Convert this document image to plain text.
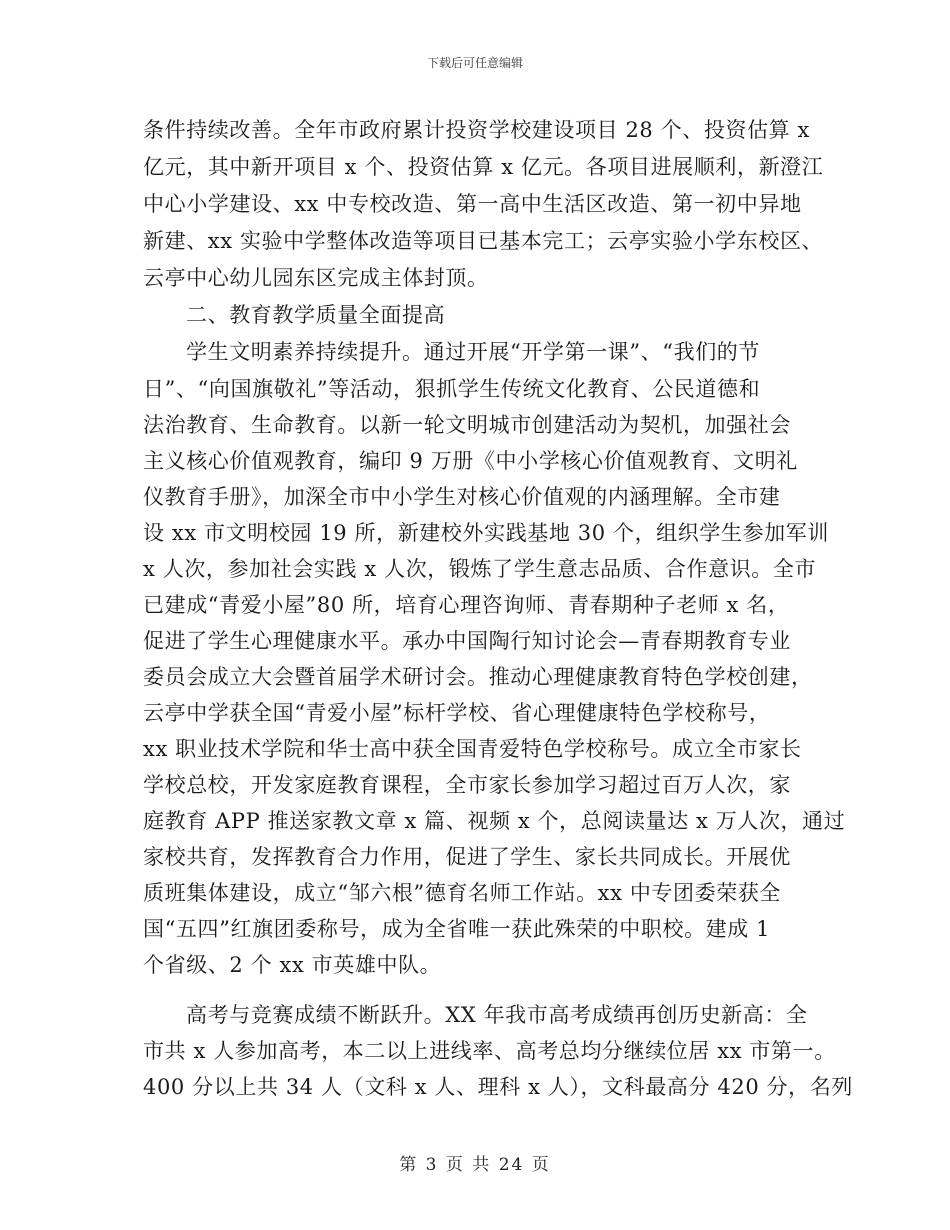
下载后可任意编辑
条件持续改善。全年市政府累计投资学校建设项目 28 个、投资估算 x
亿元，其中新开项目 x 个、投资估算 x 亿元。各项目进展顺利，新澄江
中心小学建设、xx 中专校改造、第一高中生活区改造、第一初中异地
新建、xx 实验中学整体改造等项目已基本完工；云亭实验小学东校区、
云亭中心幼儿园东区完成主体封顶。
二、教育教学质量全面提高
学生文明素养持续提升。通过开展“开学第一课”、“我们的节
日”、“向国旗敬礼”等活动，狠抓学生传统文化教育、公民道德和
法治教育、生命教育。以新一轮文明城市创建活动为契机，加强社会
主义核心价值观教育，编印 9 万册《中小学核心价值观教育、文明礼
仪教育手册》，加深全市中小学生对核心价值观的内涵理解。全市建
设 xx 市文明校园 19 所，新建校外实践基地 30 个，组织学生参加军训
x 人次，参加社会实践 x 人次，锻炼了学生意志品质、合作意识。全市
已建成“青爱小屋”80 所，培育心理咨询师、青春期种子老师 x 名，
促进了学生心理健康水平。承办中国陶行知讨论会—青春期教育专业
委员会成立大会暨首届学术研讨会。推动心理健康教育特色学校创建，
云亭中学获全国“青爱小屋”标杆学校、省心理健康特色学校称号，
xx 职业技术学院和华士高中获全国青爱特色学校称号。成立全市家长
学校总校，开发家庭教育课程，全市家长参加学习超过百万人次，家
庭教育 APP 推送家教文章 x 篇、视频 x 个，总阅读量达 x 万人次，通过
家校共育，发挥教育合力作用，促进了学生、家长共同成长。开展优
质班集体建设，成立“邹六根”德育名师工作站。xx 中专团委荣获全
国“五四”红旗团委称号，成为全省唯一获此殊荣的中职校。建成 1
个省级、2 个 xx 市英雄中队。
高考与竞赛成绩不断跃升。XX 年我市高考成绩再创历史新高：全
市共 x 人参加高考，本二以上进线率、高考总均分继续位居 xx 市第一。
400 分以上共 34 人（文科 x 人、理科 x 人），文科最高分 420 分，名列
第 3 页 共 24 页
